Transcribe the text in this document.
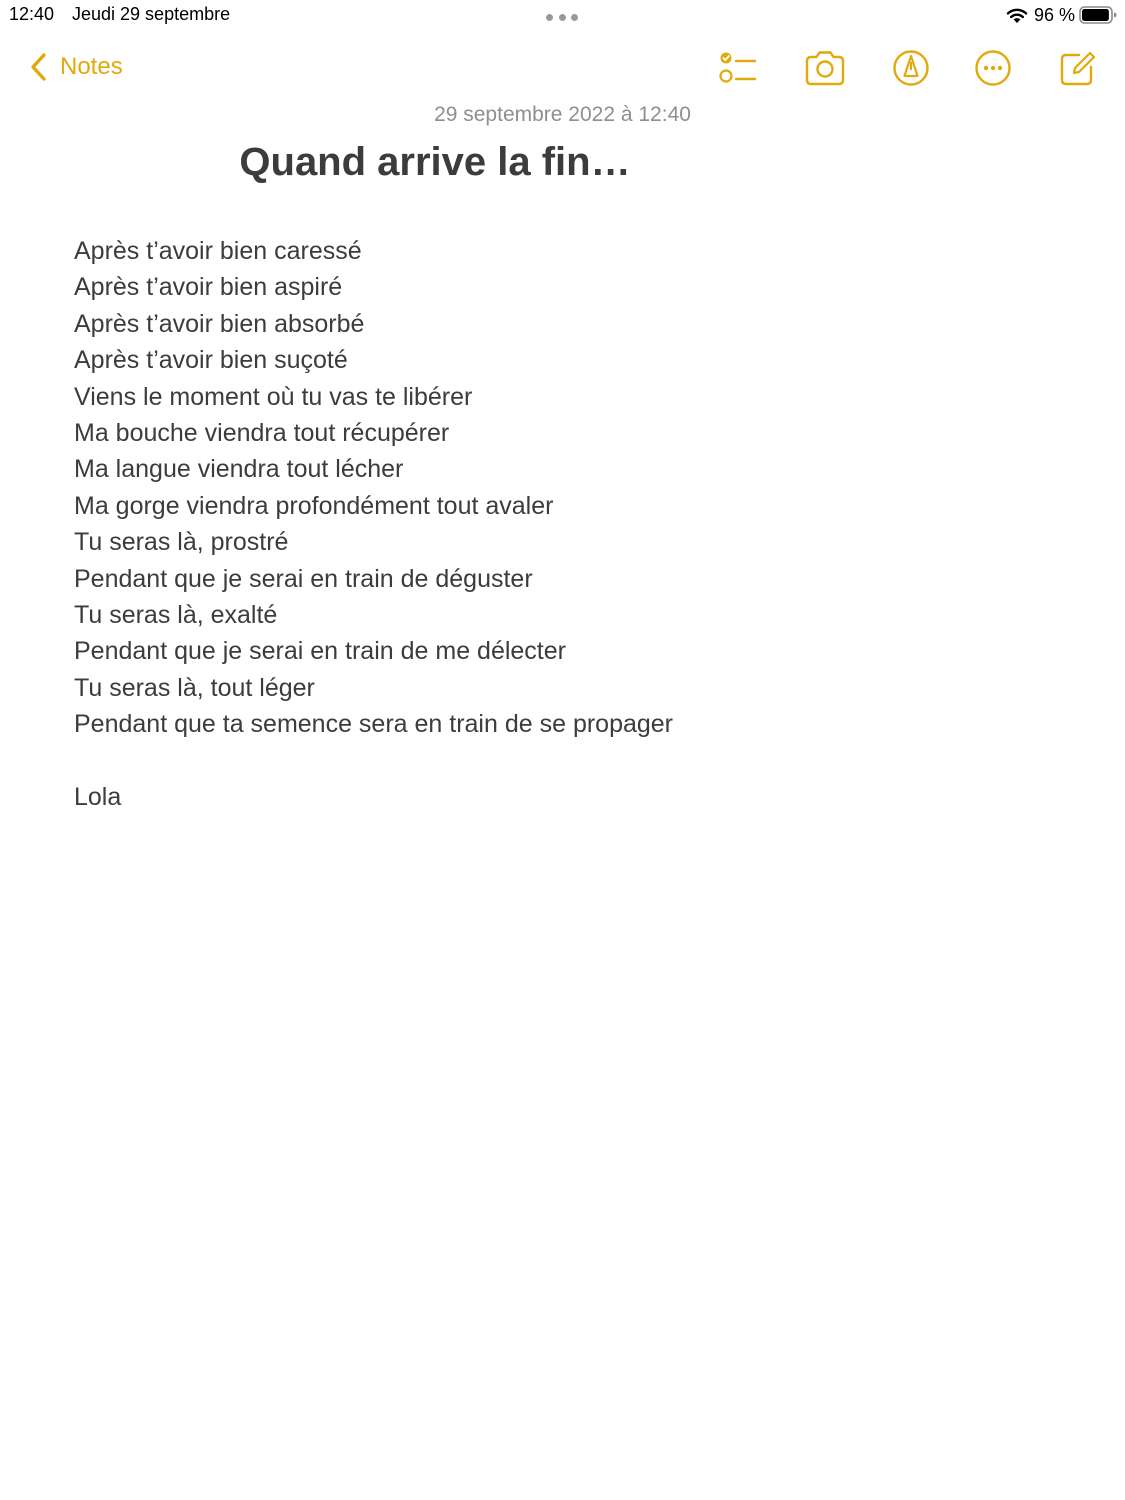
12:40 Jeudi 29 septembre	96 %
Notes
29 septembre 2022 à 12:40
Quand arrive la fin…
Après t’avoir bien caressé
Après t’avoir bien aspiré
Après t’avoir bien absorbé
Après t’avoir bien suçoté
Viens le moment où tu vas te libérer
Ma bouche viendra tout récupérer
Ma langue viendra tout lécher
Ma gorge viendra profondément tout avaler
Tu seras là, prostré
Pendant que je serai en train de déguster
Tu seras là, exalté
Pendant que je serai en train de me délecter
Tu seras là, tout léger
Pendant que ta semence sera en train de se propager
Lola
